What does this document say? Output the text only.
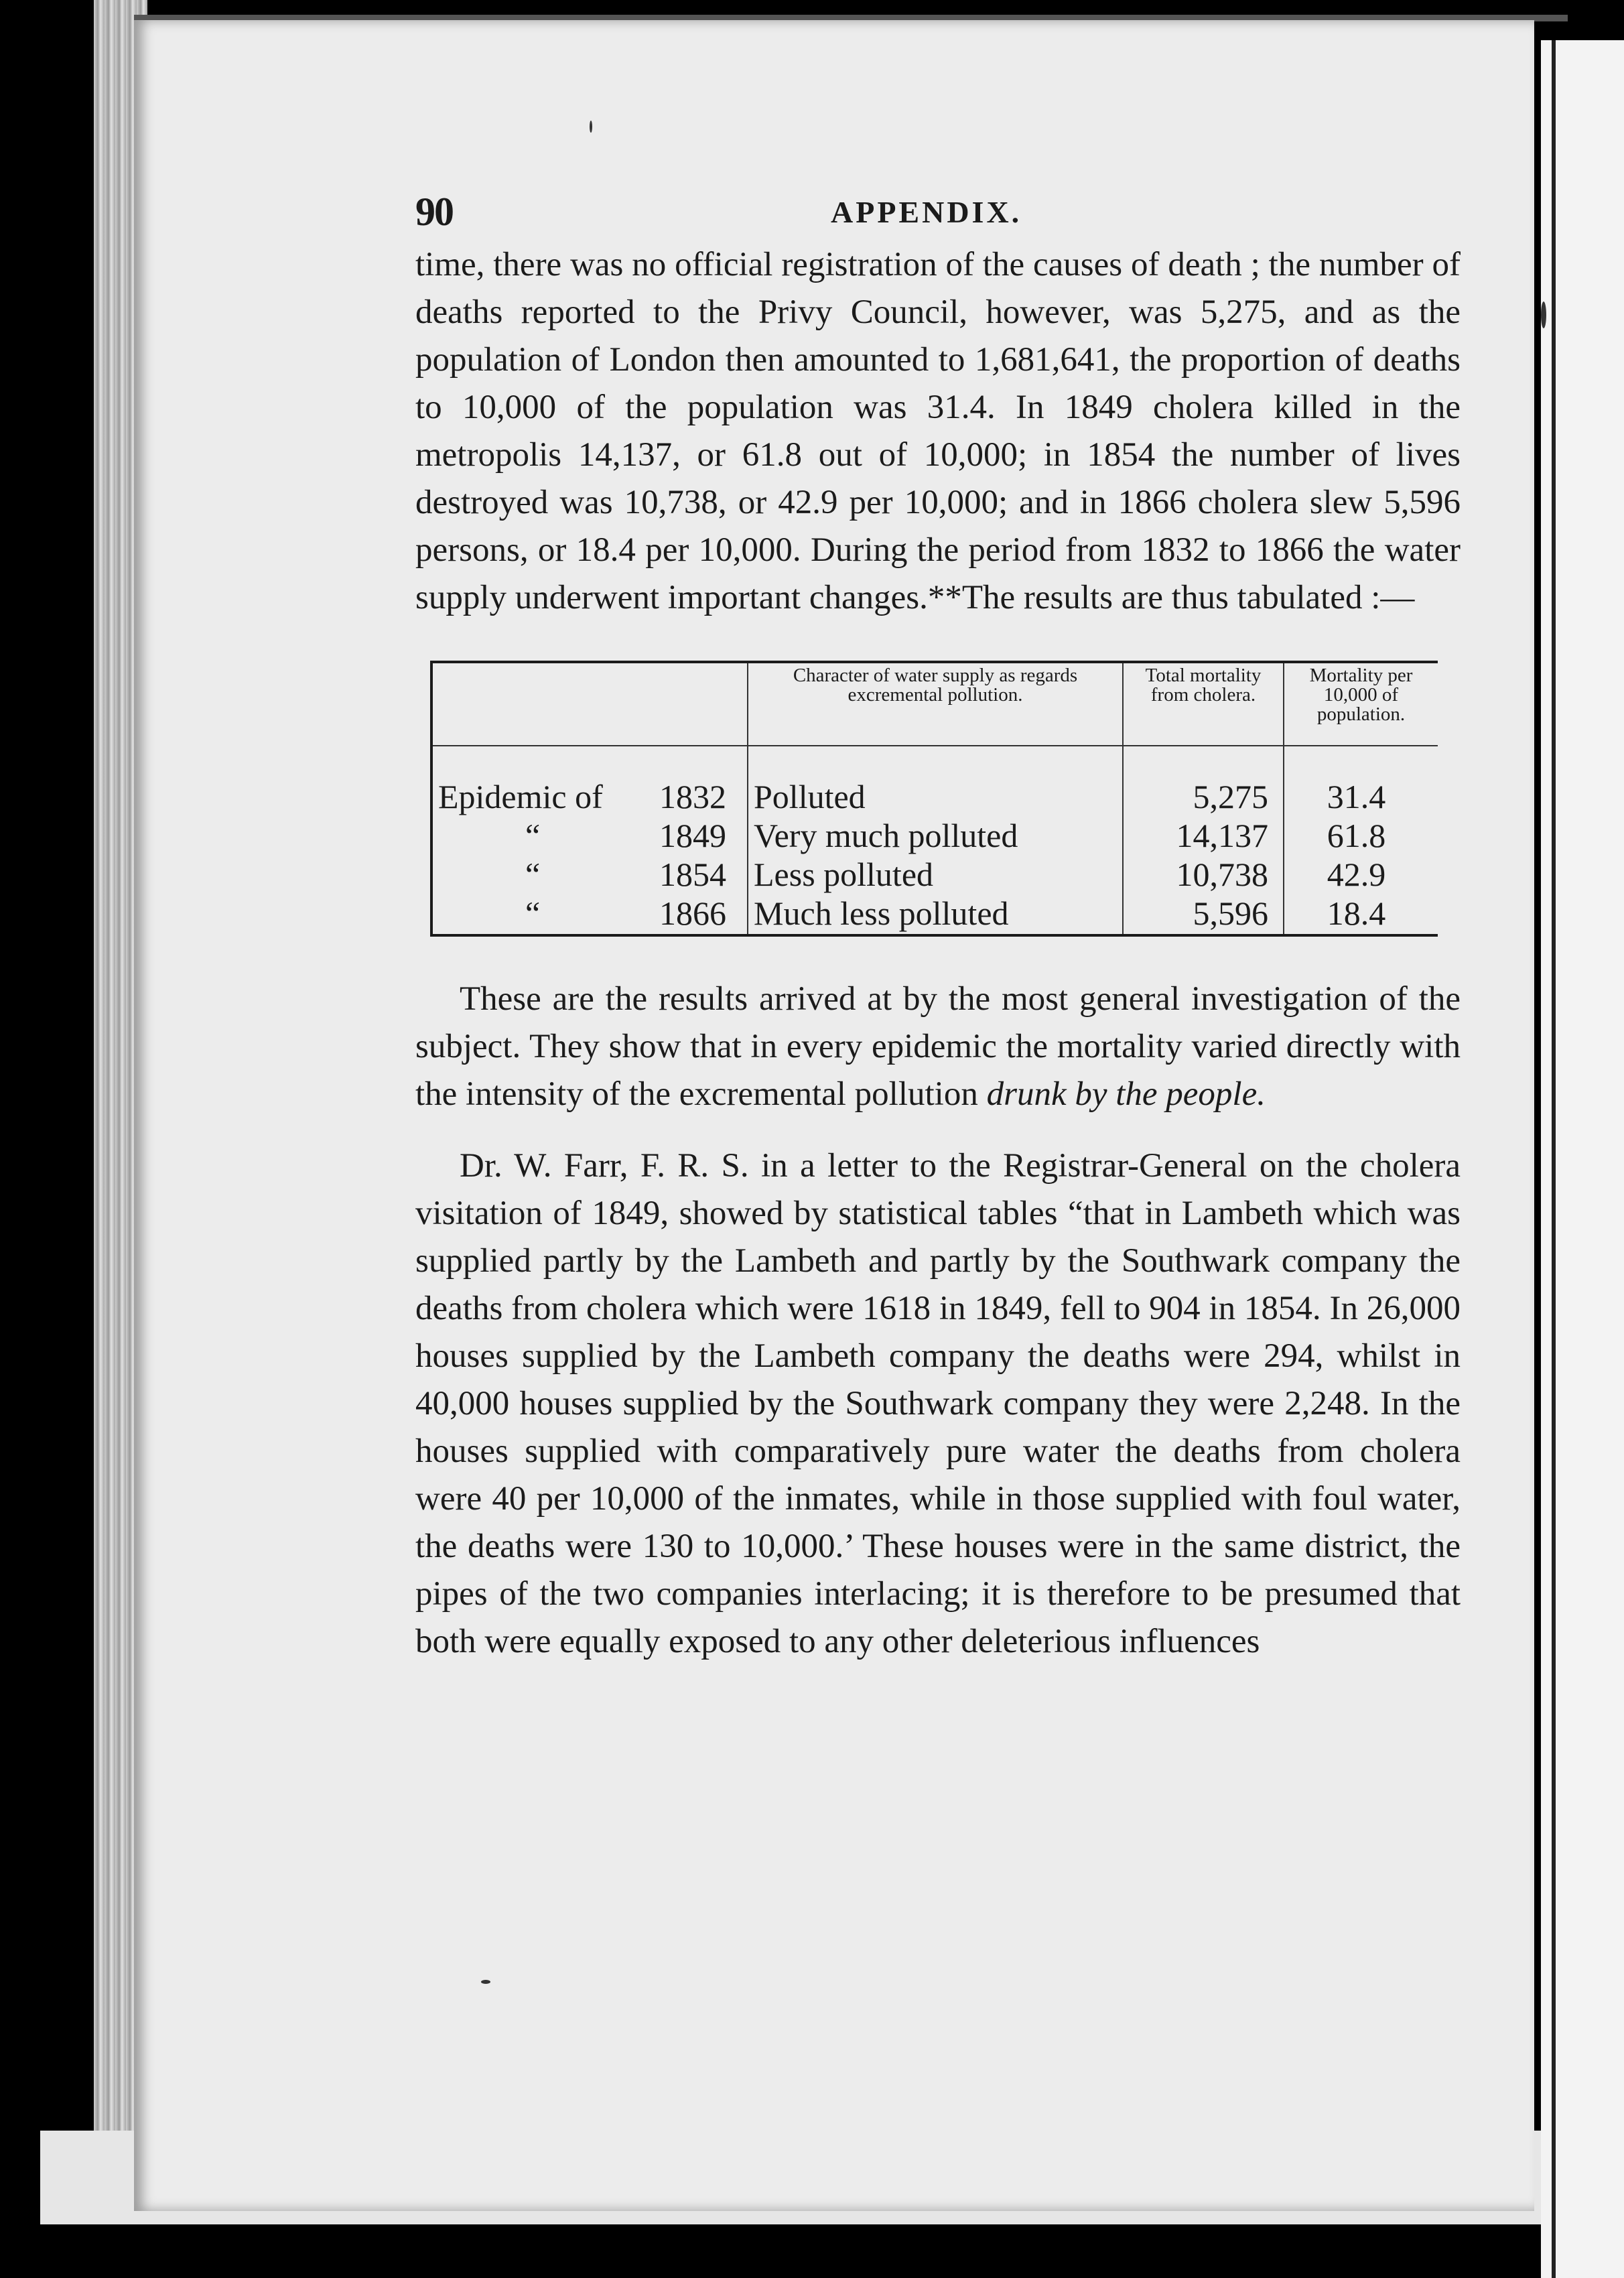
90	APPENDIX.

time, there was no official registration of the causes of death ; the number of deaths reported to the Privy Council, however, was 5,275, and as the population of London then amounted to 1,681,641, the proportion of deaths to 10,000 of the population was 31.4. In 1849 cholera killed in the metropolis 14,137, or 61.8 out of 10,000; in 1854 the number of lives destroyed was 10,738, or 42.9 per 10,000; and in 1866 cholera slew 5,596 persons, or 18.4 per 10,000. During the period from 1832 to 1866 the water supply underwent important changes.**The results are thus tabulated :—

	Character of water supply as regards excremental pollution.	Total mortality from cholera.	Mortality per 10,000 of population.
Epidemic of 1832	Polluted	5,275	31.4
“ 1849	Very much polluted	14,137	61.8
“ 1854	Less polluted	10,738	42.9
“ 1866	Much less polluted	5,596	18.4

These are the results arrived at by the most general investigation of the subject. They show that in every epidemic the mortality varied directly with the intensity of the excremental pollution drunk by the people.

Dr. W. Farr, F. R. S. in a letter to the Registrar-General on the cholera visitation of 1849, showed by statistical tables “that in Lambeth which was supplied partly by the Lambeth and partly by the Southwark company the deaths from cholera which were 1618 in 1849, fell to 904 in 1854. In 26,000 houses supplied by the Lambeth company the deaths were 294, whilst in 40,000 houses supplied by the Southwark company they were 2,248. In the houses supplied with comparatively pure water the deaths from cholera were 40 per 10,000 of the inmates, while in those supplied with foul water, the deaths were 130 to 10,000.’ These houses were in the same district, the pipes of the two companies interlacing; it is therefore to be presumed that both were equally exposed to any other deleterious influences
